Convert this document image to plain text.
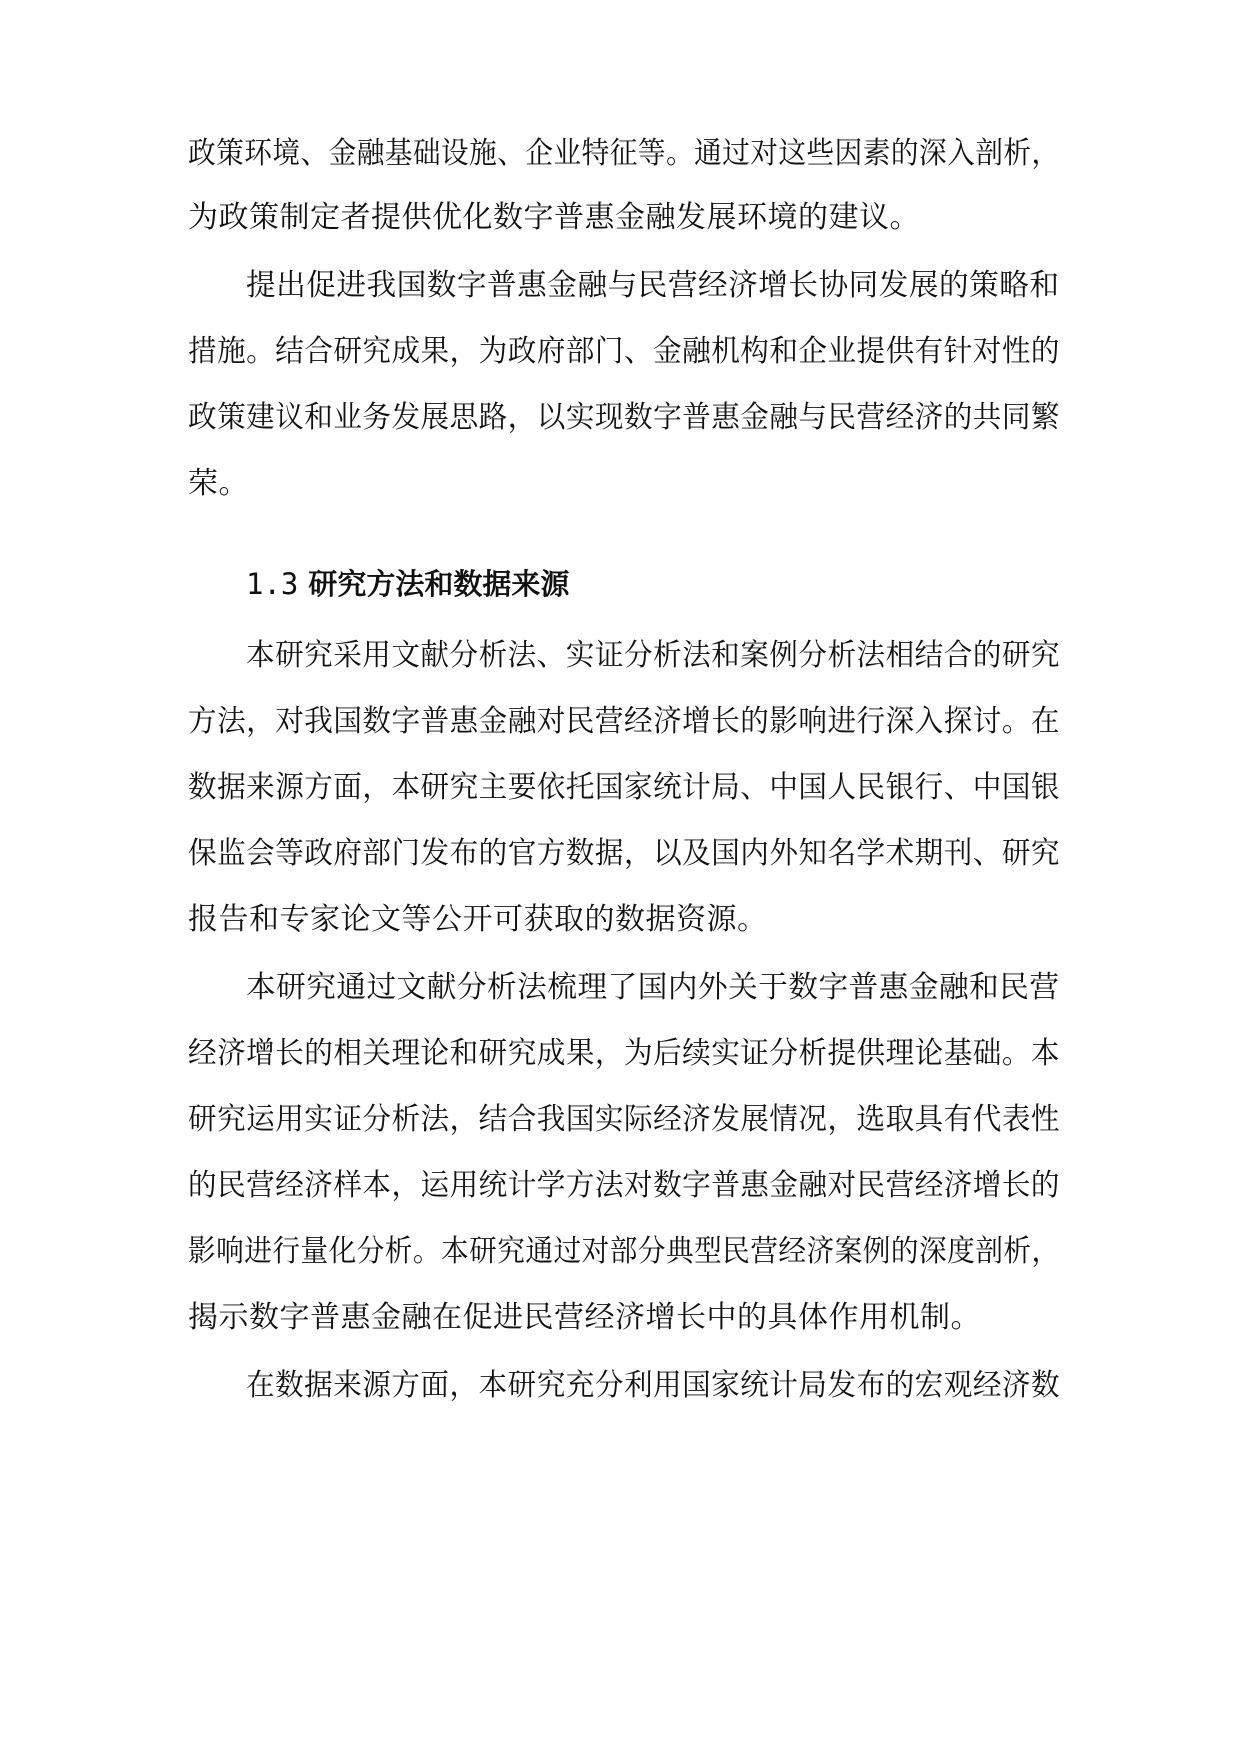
政策环境、金融基础设施、企业特征等。通过对这些因素的深入剖析，
为政策制定者提供优化数字普惠金融发展环境的建议。
提出促进我国数字普惠金融与民营经济增长协同发展的策略和
措施。结合研究成果，为政府部门、金融机构和企业提供有针对性的
政策建议和业务发展思路，以实现数字普惠金融与民营经济的共同繁
荣。
1.3 研究方法和数据来源
本研究采用文献分析法、实证分析法和案例分析法相结合的研究
方法，对我国数字普惠金融对民营经济增长的影响进行深入探讨。在
数据来源方面，本研究主要依托国家统计局、中国人民银行、中国银
保监会等政府部门发布的官方数据，以及国内外知名学术期刊、研究
报告和专家论文等公开可获取的数据资源。
本研究通过文献分析法梳理了国内外关于数字普惠金融和民营
经济增长的相关理论和研究成果，为后续实证分析提供理论基础。本
研究运用实证分析法，结合我国实际经济发展情况，选取具有代表性
的民营经济样本，运用统计学方法对数字普惠金融对民营经济增长的
影响进行量化分析。本研究通过对部分典型民营经济案例的深度剖析，
揭示数字普惠金融在促进民营经济增长中的具体作用机制。
在数据来源方面，本研究充分利用国家统计局发布的宏观经济数
